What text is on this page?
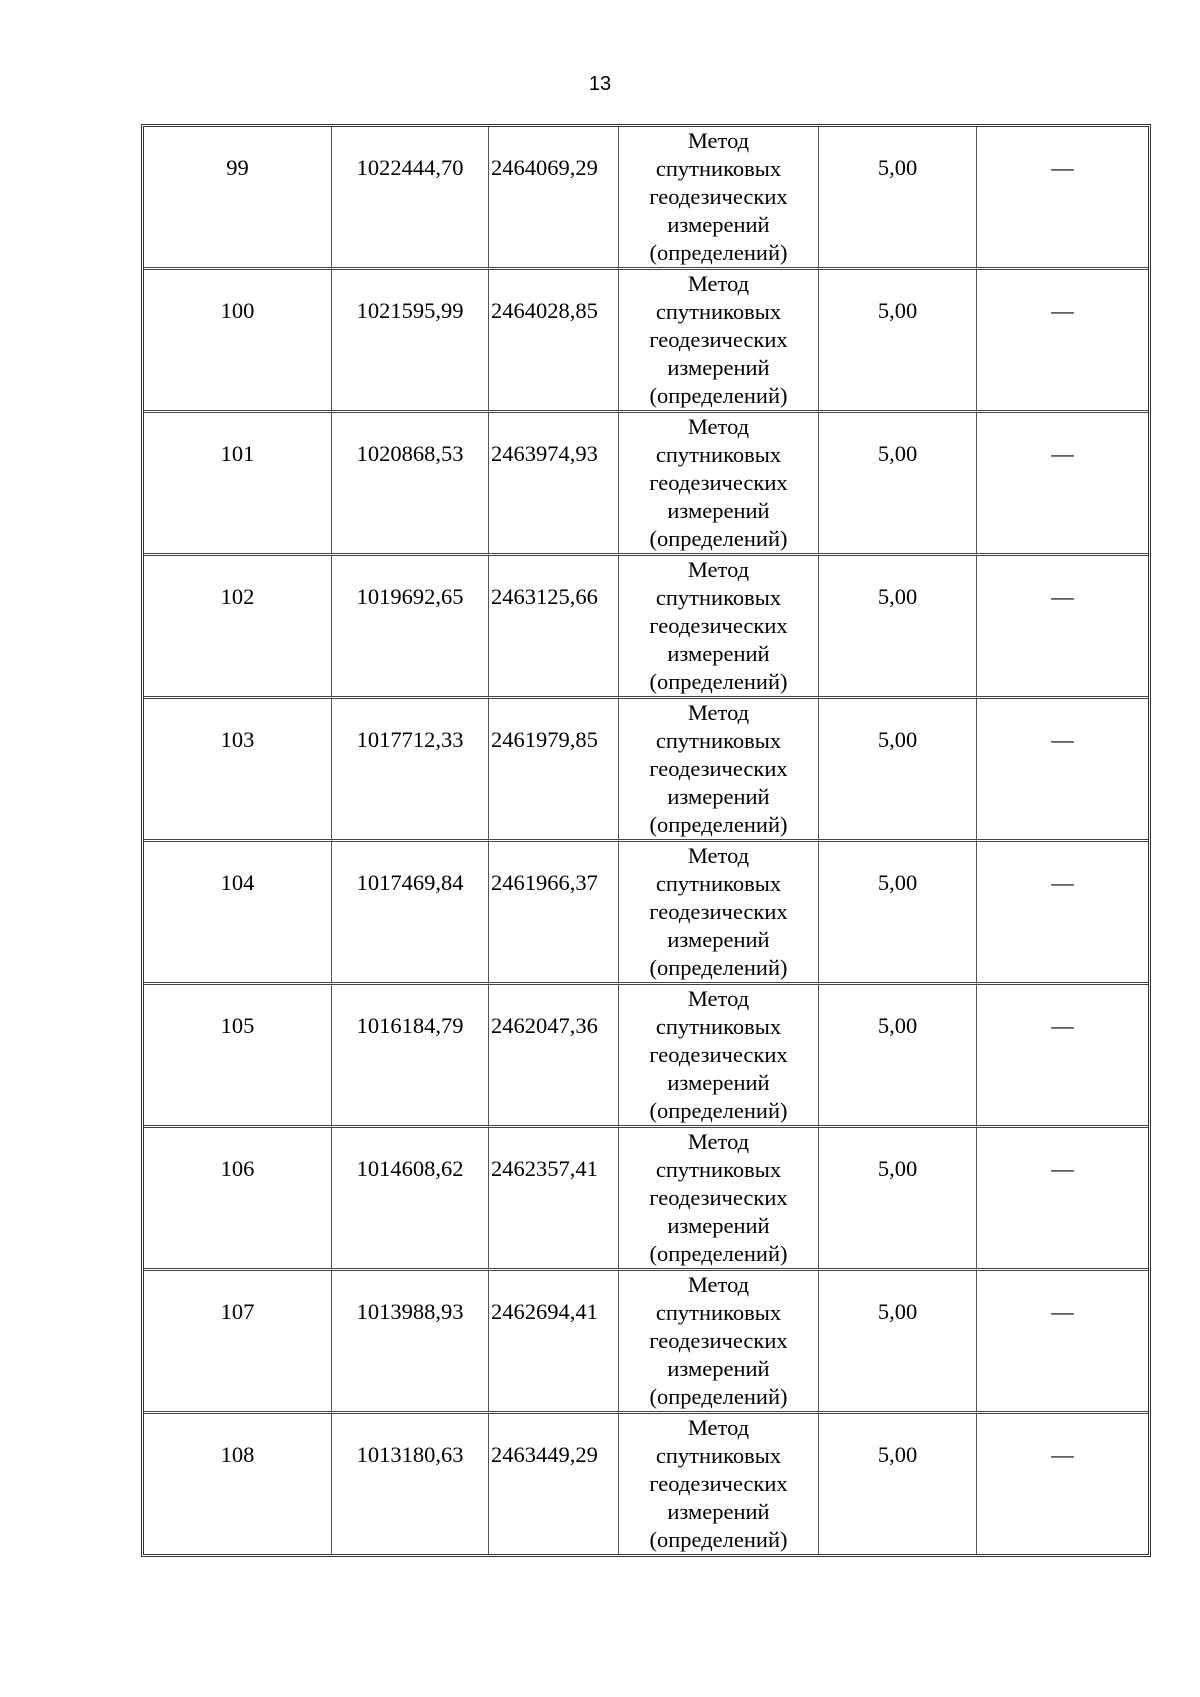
13
99	1022444,70	2464069,29	Метод
спутниковых
геодезических
измерений
(определений)	5,00	—
100	1021595,99	2464028,85	Метод
спутниковых
геодезических
измерений
(определений)	5,00	—
101	1020868,53	2463974,93	Метод
спутниковых
геодезических
измерений
(определений)	5,00	—
102	1019692,65	2463125,66	Метод
спутниковых
геодезических
измерений
(определений)	5,00	—
103	1017712,33	2461979,85	Метод
спутниковых
геодезических
измерений
(определений)	5,00	—
104	1017469,84	2461966,37	Метод
спутниковых
геодезических
измерений
(определений)	5,00	—
105	1016184,79	2462047,36	Метод
спутниковых
геодезических
измерений
(определений)	5,00	—
106	1014608,62	2462357,41	Метод
спутниковых
геодезических
измерений
(определений)	5,00	—
107	1013988,93	2462694,41	Метод
спутниковых
геодезических
измерений
(определений)	5,00	—
108	1013180,63	2463449,29	Метод
спутниковых
геодезических
измерений
(определений)	5,00	—
